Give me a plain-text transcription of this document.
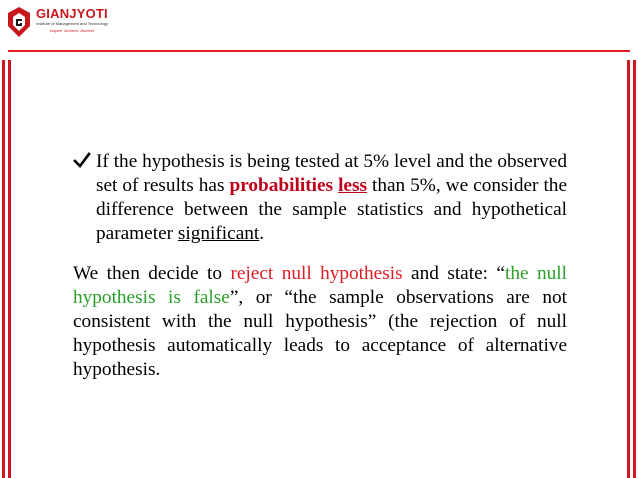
GIANJYOTI
Institute of Management and Technology
Inspire. Achieve. Ascend
If the hypothesis is being tested at 5% level and the observed set of results has probabilities less than 5%, we consider the difference between the sample statistics and hypothetical parameter significant.
We then decide to reject null hypothesis and state: “the null hypothesis is false”, or “the sample observations are not consistent with the null hypothesis” (the rejection of null hypothesis automatically leads to acceptance of alternative hypothesis.
